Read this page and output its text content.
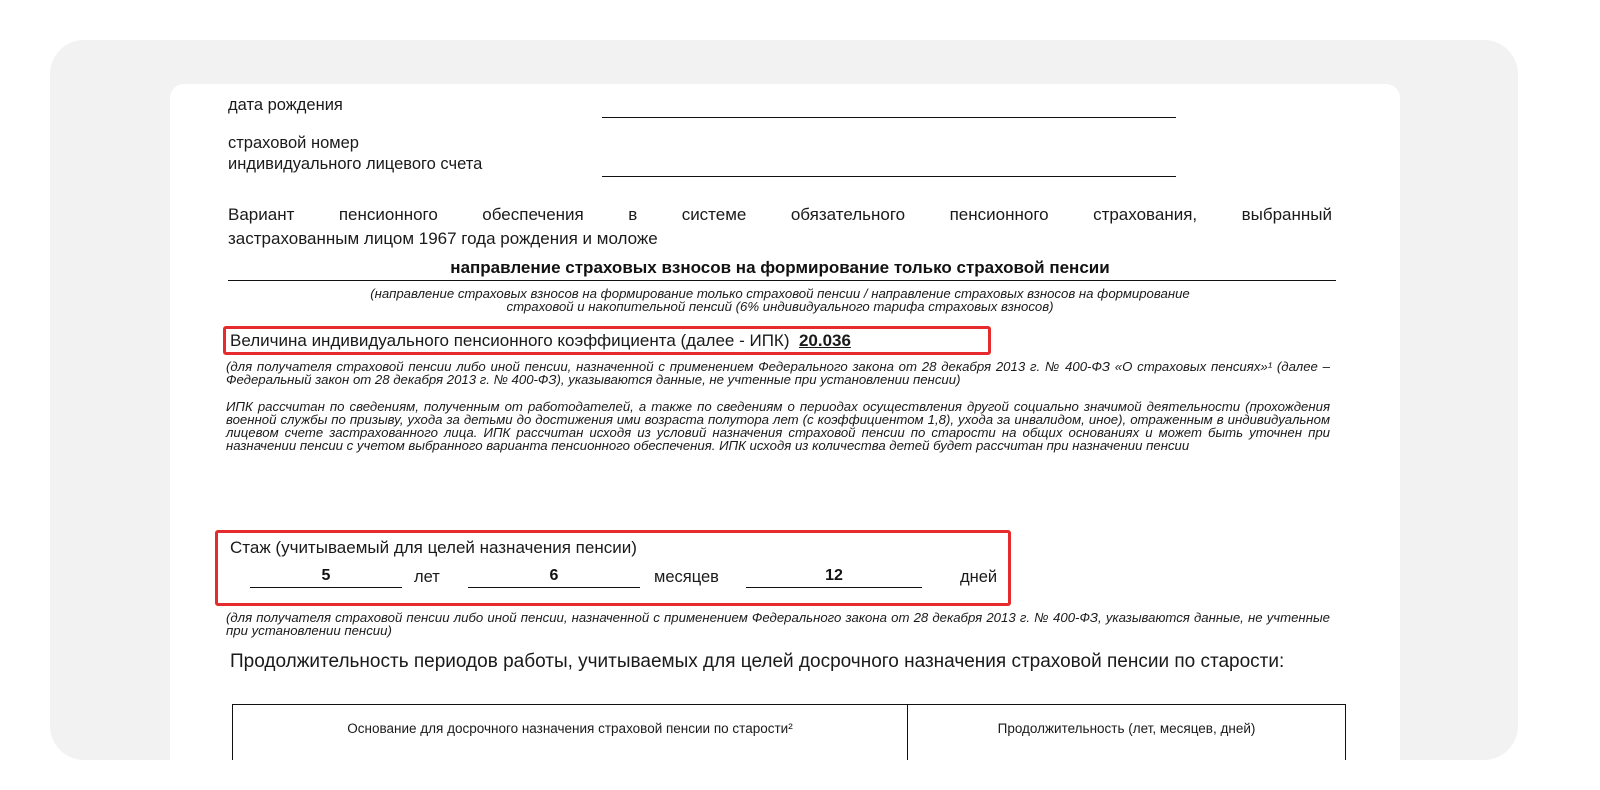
дата рождения
страховой номер
индивидуального лицевого счета
Вариант	пенсионного	обеспечения	в	системе	обязательного	пенсионного	страхования,	выбранный
застрахованным лицом 1967 года рождения и моложе
направление страховых взносов на формирование только страховой пенсии
(направление страховых взносов на формирование только страховой пенсии / направление страховых взносов на формирование
страховой и накопительной пенсий (6% индивидуального тарифа страховых взносов)
Величина индивидуального пенсионного коэффициента (далее - ИПК) 20.036
(для получателя страховой пенсии либо иной пенсии, назначенной с применением Федерального закона от 28 декабря 2013 г. № 400-ФЗ «О страховых пенсиях»¹ (далее – Федеральный закон от 28 декабря 2013 г. № 400-ФЗ), указываются данные, не учтенные при установлении пенсии)
ИПК рассчитан по сведениям, полученным от работодателей, а также по сведениям о периодах осуществления другой социально значимой деятельности (прохождения военной службы по призыву, ухода за детьми до достижения ими возраста полутора лет (с коэффициентом 1,8), ухода за инвалидом, иное), отраженным в индивидуальном лицевом счете застрахованного лица. ИПК рассчитан исходя из условий назначения страховой пенсии по старости на общих основаниях и может быть уточнен при назначении пенсии с учетом выбранного варианта пенсионного обеспечения. ИПК исходя из количества детей будет рассчитан при назначении пенсии
Стаж (учитываемый для целей назначения пенсии)
5	лет	6	месяцев	12	дней
(для получателя страховой пенсии либо иной пенсии, назначенной с применением Федерального закона от 28 декабря 2013 г. № 400-ФЗ, указываются данные, не учтенные при установлении пенсии)
Продолжительность периодов работы, учитываемых для целей досрочного назначения страховой пенсии по старости:
Основание для досрочного назначения страховой пенсии по старости²	Продолжительность (лет, месяцев, дней)
